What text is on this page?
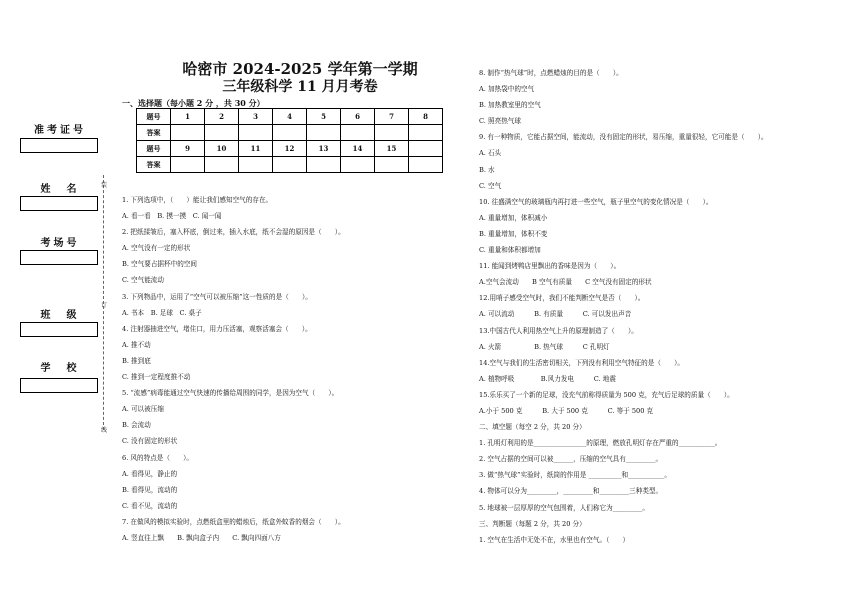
准考证号
姓　名
考场号
班　级
学　校
装
订
线
哈密市 2024-2025 学年第一学期
三年级科学 11 月月考卷
一、选择题（每小题 2 分 ，共 30 分）
题号	1	2	3	4	5	6	7	8
答案								
题号	9	10	11	12	13	14	15	
答案								
1. 下列选项中，（　　）能让我们感知空气的存在。
A. 看一看　B. 摸一摸　C. 闻一闻
2. 把纸揉皱后，塞入杯底，倒过来，插入水底，纸不会湿的原因是（　　）。
A. 空气没有一定的形状
B. 空气要占据杯中的空间
C. 空气能流动
3. 下列物品中，运用了“空气可以被压缩”这一性质的是（　　）。
A. 书本　B. 足球　C. 桌子
4. 注射器抽进空气，堵住口，用力压活塞，观察活塞会（　　）。
A. 推不动
B. 推到底
C. 推到一定程度推不动
5. “流感”病毒能通过空气快速的传播给周围的同学，是因为空气（　　）。
A. 可以被压缩
B. 会流动
C. 没有固定的形状
6. 风的特点是（　　）。
A. 看得见，静止的
B. 看得见，流动的
C. 看不见，流动的
7. 在做风的模拟实验时，点燃纸盒里的蜡烛后，纸盒外蚊香的烟会（　　）。
A. 竖直往上飘　　B. 飘向盒子内　　C. 飘向四面八方
8. 制作“热气球”时，点燃蜡烛的目的是（　　）。
A. 加热袋中的空气
B. 加热教室里的空气
C. 照亮热气球
9. 有一种物质，它能占据空间，能流动，没有固定的形状，易压缩，重量很轻，它可能是（　　）。
A. 石头
B. 水
C. 空气
10. 往盛满空气的玻璃瓶内再打进一些空气，瓶子里空气的变化情况是（　　）。
A. 重量增加，体积减小
B. 重量增加，体积不变
C. 重量和体积都增加
11. 能闻到烤鸭店里飘出的香味是因为（　　）。
A.空气会流动　　B 空气有质量　　C 空气没有固定的形状
12.用哨子感受空气时，我们不能判断空气是否（　　）。
A. 可以流动　　　B. 有质量　　　C. 可以发出声音
13.中国古代人利用热空气上升的原理制造了（　　）。
A. 火箭　　　　　B. 热气球　　　C 孔明灯
14.空气与我们的生活密切相关，下列没有利用空气特征的是（　　）。
A. 植物呼吸　　　　B.风力发电　　　C. 地震
15.乐乐买了一个新的足球，没充气前称得质量为 500 克，充气后足球的质量（　　）。
A.小于 500 克　　　B. 大于 500 克　　　C. 等于 500 克
二、填空题（每空 2 分，共 20 分）
1. 孔明灯利用的是________________的原理，燃放孔明灯存在严重的___________。
2. 空气占据的空间可以被______，压缩的空气具有_________。
3. 做“热气球”实验时，纸筒的作用是 __________和___________。
4. 物体可以分为_________，_________和_________三种类型。
5. 地球被一层厚厚的空气包围着，人们称它为_________。
三、判断题（每题 2 分，共 20 分）
1. 空气在生活中无处不在，水里也有空气。（　　）
